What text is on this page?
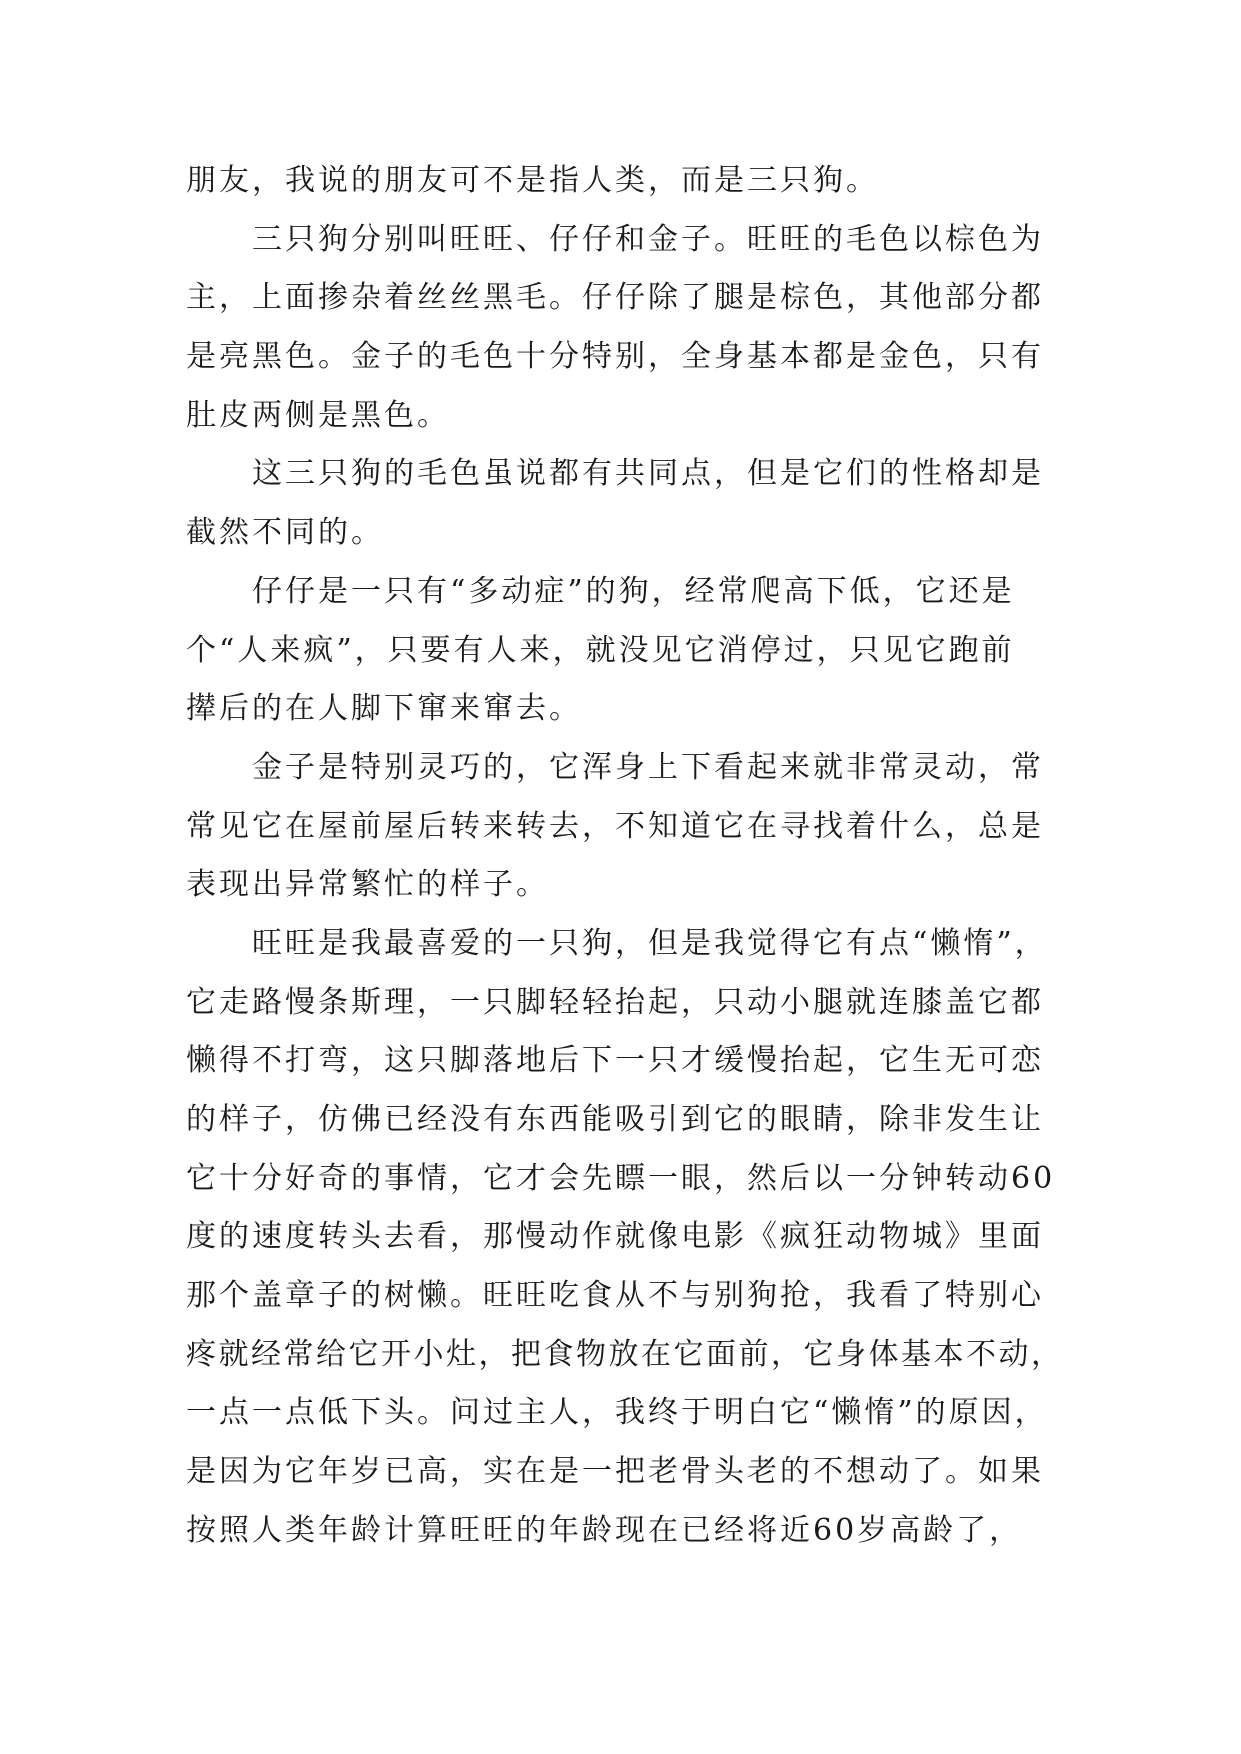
朋友，我说的朋友可不是指人类，而是三只狗。
三只狗分别叫旺旺、仔仔和金子。旺旺的毛色以棕色为
主，上面掺杂着丝丝黑毛。仔仔除了腿是棕色，其他部分都
是亮黑色。金子的毛色十分特别，全身基本都是金色，只有
肚皮两侧是黑色。
这三只狗的毛色虽说都有共同点，但是它们的性格却是
截然不同的。
仔仔是一只有“多动症”的狗，经常爬高下低，它还是
个“人来疯”，只要有人来，就没见它消停过，只见它跑前
撵后的在人脚下窜来窜去。
金子是特别灵巧的，它浑身上下看起来就非常灵动，常
常见它在屋前屋后转来转去，不知道它在寻找着什么，总是
表现出异常繁忙的样子。
旺旺是我最喜爱的一只狗，但是我觉得它有点“懒惰”，
它走路慢条斯理，一只脚轻轻抬起，只动小腿就连膝盖它都
懒得不打弯，这只脚落地后下一只才缓慢抬起，它生无可恋
的样子，仿佛已经没有东西能吸引到它的眼睛，除非发生让
它十分好奇的事情，它才会先瞟一眼，然后以一分钟转动60
度的速度转头去看，那慢动作就像电影《疯狂动物城》里面
那个盖章子的树懒。旺旺吃食从不与别狗抢，我看了特别心
疼就经常给它开小灶，把食物放在它面前，它身体基本不动，
一点一点低下头。问过主人，我终于明白它“懒惰”的原因，
是因为它年岁已高，实在是一把老骨头老的不想动了。如果
按照人类年龄计算旺旺的年龄现在已经将近60岁高龄了，
